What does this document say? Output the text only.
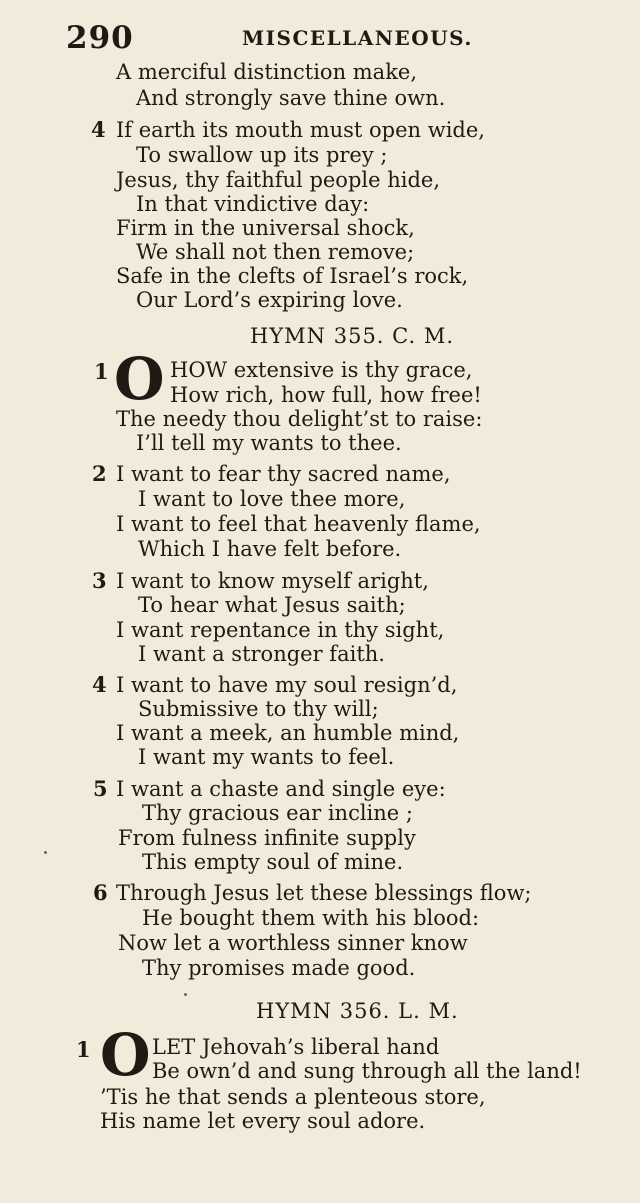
290	MISCELLANEOUS.
A merciful distinction make,
And strongly save thine own.
4 If earth its mouth must open wide,
To swallow up its prey ;
Jesus, thy faithful people hide,
In that vindictive day:
Firm in the universal shock,
We shall not then remove;
Safe in the clefts of Israel’s rock,
Our Lord’s expiring love.
HYMN 355. C. M.
1 O HOW extensive is thy grace,
How rich, how full, how free!
The needy thou delight’st to raise:
I’ll tell my wants to thee.
2 I want to fear thy sacred name,
I want to love thee more,
I want to feel that heavenly flame,
Which I have felt before.
3 I want to know myself aright,
To hear what Jesus saith;
I want repentance in thy sight,
I want a stronger faith.
4 I want to have my soul resign’d,
Submissive to thy will;
I want a meek, an humble mind,
I want my wants to feel.
5 I want a chaste and single eye:
Thy gracious ear incline ;
From fulness infinite supply
This empty soul of mine.
6 Through Jesus let these blessings flow;
He bought them with his blood:
Now let a worthless sinner know
Thy promises made good.
HYMN 356. L. M.
1 O LET Jehovah’s liberal hand
Be own’d and sung through all the land!
’Tis he that sends a plenteous store,
His name let every soul adore.
